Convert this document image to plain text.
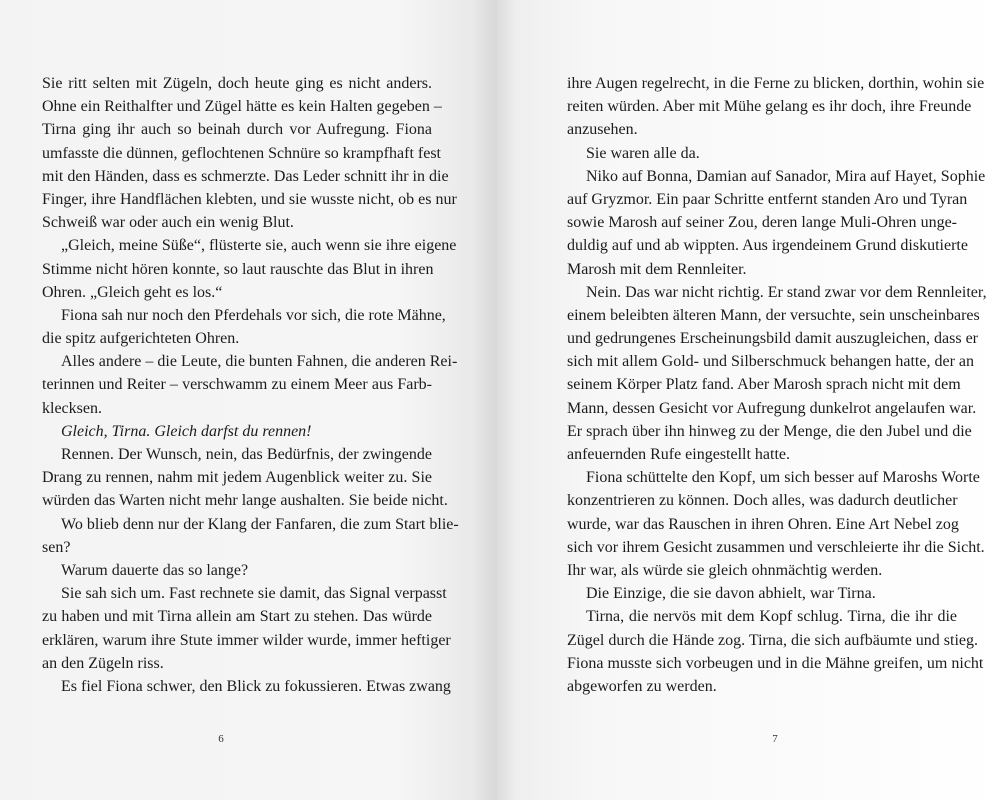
Sie ritt selten mit Zügeln, doch heute ging es nicht anders.
Ohne ein Reithalfter und Zügel hätte es kein Halten gegeben –
Tirna ging ihr auch so beinah durch vor Aufregung. Fiona
umfasste die dünnen, geflochtenen Schnüre so krampfhaft fest
mit den Händen, dass es schmerzte. Das Leder schnitt ihr in die
Finger, ihre Handflächen klebten, und sie wusste nicht, ob es nur
Schweiß war oder auch ein wenig Blut.
„Gleich, meine Süße“, flüsterte sie, auch wenn sie ihre eigene
Stimme nicht hören konnte, so laut rauschte das Blut in ihren
Ohren. „Gleich geht es los.“
Fiona sah nur noch den Pferdehals vor sich, die rote Mähne,
die spitz aufgerichteten Ohren.
Alles andere – die Leute, die bunten Fahnen, die anderen Rei-
terinnen und Reiter – verschwamm zu einem Meer aus Farb-
klecksen.
Gleich, Tirna. Gleich darfst du rennen!
Rennen. Der Wunsch, nein, das Bedürfnis, der zwingende
Drang zu rennen, nahm mit jedem Augenblick weiter zu. Sie
würden das Warten nicht mehr lange aushalten. Sie beide nicht.
Wo blieb denn nur der Klang der Fanfaren, die zum Start blie-
sen?
Warum dauerte das so lange?
Sie sah sich um. Fast rechnete sie damit, das Signal verpasst
zu haben und mit Tirna allein am Start zu stehen. Das würde
erklären, warum ihre Stute immer wilder wurde, immer heftiger
an den Zügeln riss.
Es fiel Fiona schwer, den Blick zu fokussieren. Etwas zwang
6
ihre Augen regelrecht, in die Ferne zu blicken, dorthin, wohin sie
reiten würden. Aber mit Mühe gelang es ihr doch, ihre Freunde
anzusehen.
Sie waren alle da.
Niko auf Bonna, Damian auf Sanador, Mira auf Hayet, Sophie
auf Gryzmor. Ein paar Schritte entfernt standen Aro und Tyran
sowie Marosh auf seiner Zou, deren lange Muli-Ohren unge-
duldig auf und ab wippten. Aus irgendeinem Grund diskutierte
Marosh mit dem Rennleiter.
Nein. Das war nicht richtig. Er stand zwar vor dem Rennleiter,
einem beleibten älteren Mann, der versuchte, sein unscheinbares
und gedrungenes Erscheinungsbild damit auszugleichen, dass er
sich mit allem Gold- und Silberschmuck behangen hatte, der an
seinem Körper Platz fand. Aber Marosh sprach nicht mit dem
Mann, dessen Gesicht vor Aufregung dunkelrot angelaufen war.
Er sprach über ihn hinweg zu der Menge, die den Jubel und die
anfeuernden Rufe eingestellt hatte.
Fiona schüttelte den Kopf, um sich besser auf Maroshs Worte
konzentrieren zu können. Doch alles, was dadurch deutlicher
wurde, war das Rauschen in ihren Ohren. Eine Art Nebel zog
sich vor ihrem Gesicht zusammen und verschleierte ihr die Sicht.
Ihr war, als würde sie gleich ohnmächtig werden.
Die Einzige, die sie davon abhielt, war Tirna.
Tirna, die nervös mit dem Kopf schlug. Tirna, die ihr die
Zügel durch die Hände zog. Tirna, die sich aufbäumte und stieg.
Fiona musste sich vorbeugen und in die Mähne greifen, um nicht
abgeworfen zu werden.
7
